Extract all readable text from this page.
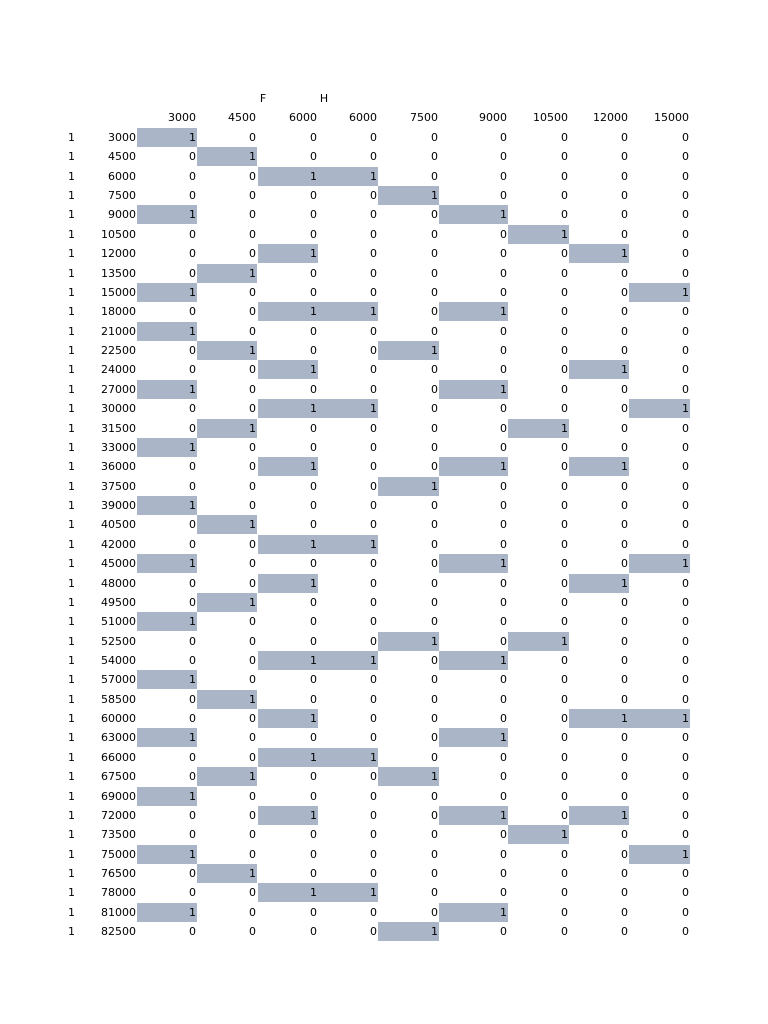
F	H
3000	4500	6000	6000	7500	9000	10500	12000	15000
1	3000	1	0	0	0	0	0	0	0	0
1	4500	0	1	0	0	0	0	0	0	0
1	6000	0	0	1	1	0	0	0	0	0
1	7500	0	0	0	0	1	0	0	0	0
1	9000	1	0	0	0	0	1	0	0	0
1	10500	0	0	0	0	0	0	1	0	0
1	12000	0	0	1	0	0	0	0	1	0
1	13500	0	1	0	0	0	0	0	0	0
1	15000	1	0	0	0	0	0	0	0	1
1	18000	0	0	1	1	0	1	0	0	0
1	21000	1	0	0	0	0	0	0	0	0
1	22500	0	1	0	0	1	0	0	0	0
1	24000	0	0	1	0	0	0	0	1	0
1	27000	1	0	0	0	0	1	0	0	0
1	30000	0	0	1	1	0	0	0	0	1
1	31500	0	1	0	0	0	0	1	0	0
1	33000	1	0	0	0	0	0	0	0	0
1	36000	0	0	1	0	0	1	0	1	0
1	37500	0	0	0	0	1	0	0	0	0
1	39000	1	0	0	0	0	0	0	0	0
1	40500	0	1	0	0	0	0	0	0	0
1	42000	0	0	1	1	0	0	0	0	0
1	45000	1	0	0	0	0	1	0	0	1
1	48000	0	0	1	0	0	0	0	1	0
1	49500	0	1	0	0	0	0	0	0	0
1	51000	1	0	0	0	0	0	0	0	0
1	52500	0	0	0	0	1	0	1	0	0
1	54000	0	0	1	1	0	1	0	0	0
1	57000	1	0	0	0	0	0	0	0	0
1	58500	0	1	0	0	0	0	0	0	0
1	60000	0	0	1	0	0	0	0	1	1
1	63000	1	0	0	0	0	1	0	0	0
1	66000	0	0	1	1	0	0	0	0	0
1	67500	0	1	0	0	1	0	0	0	0
1	69000	1	0	0	0	0	0	0	0	0
1	72000	0	0	1	0	0	1	0	1	0
1	73500	0	0	0	0	0	0	1	0	0
1	75000	1	0	0	0	0	0	0	0	1
1	76500	0	1	0	0	0	0	0	0	0
1	78000	0	0	1	1	0	0	0	0	0
1	81000	1	0	0	0	0	1	0	0	0
1	82500	0	0	0	0	1	0	0	0	0
